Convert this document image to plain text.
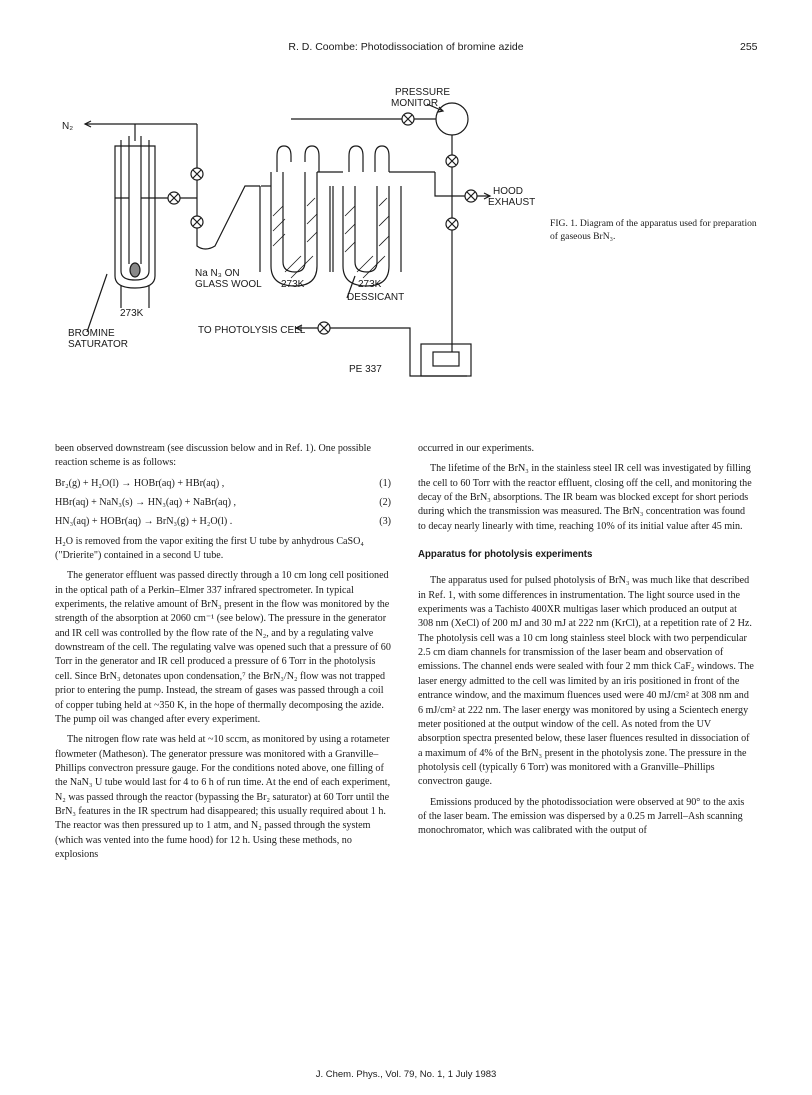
R. D. Coombe: Photodissociation of bromine azide	255
PRESSURE
MONITOR
N₂
273K
BROMINE
SATURATOR
Na N₃ ON
GLASS WOOL 273K	273K
DESSICANT
HOOD
EXHAUST
TO PHOTOLYSIS CELL
PE 337
FIG. 1. Diagram of the apparatus used for preparation of gaseous BrN₃.

been observed downstream (see discussion below and in Ref. 1). One possible reaction scheme is as follows:

Br₂(g) + H₂O(l) → HOBr(aq) + HBr(aq) ,	(1)
HBr(aq) + NaN₃(s) → HN₃(aq) + NaBr(aq) ,	(2)
HN₃(aq) + HOBr(aq) → BrN₃(g) + H₂O(l) .	(3)

H₂O is removed from the vapor exiting the first U tube by anhydrous CaSO₄ ("Drierite") contained in a second U tube.

The generator effluent was passed directly through a 10 cm long cell positioned in the optical path of a Perkin–Elmer 337 infrared spectrometer. In typical experiments, the relative amount of BrN₃ present in the flow was monitored by the strength of the absorption at 2060 cm⁻¹ (see below). The pressure in the generator and IR cell was controlled by the flow rate of the N₂, and by a regulating valve downstream of the cell. The regulating valve was opened such that a pressure of 60 Torr in the generator and IR cell produced a pressure of 6 Torr in the photolysis cell. Since BrN₃ detonates upon condensation,⁷ the BrN₃/N₂ flow was not trapped prior to entering the pump. Instead, the stream of gases was passed through a coil of copper tubing held at ~350 K, in the hope of thermally decomposing the azide. The pump oil was changed after every experiment.

The nitrogen flow rate was held at ~10 sccm, as monitored by using a rotameter flowmeter (Matheson). The generator pressure was monitored with a Granville–Phillips convectron pressure gauge. For the conditions noted above, one filling of the NaN₃ U tube would last for 4 to 6 h of run time. At the end of each experiment, N₂ was passed through the reactor (bypassing the Br₂ saturator) at 60 Torr until the BrN₃ features in the IR spectrum had disappeared; this usually required about 1 h. The reactor was then pressured up to 1 atm, and N₂ passed through the system (which was vented into the fume hood) for 12 h. Using these methods, no explosions

occurred in our experiments.

The lifetime of the BrN₃ in the stainless steel IR cell was investigated by filling the cell to 60 Torr with the reactor effluent, closing off the cell, and monitoring the decay of the BrN₃ absorptions. The IR beam was blocked except for short periods during which the transmission was measured. The BrN₃ concentration was found to decay nearly linearly with time, reaching 10% of its initial value after 45 min.

Apparatus for photolysis experiments

The apparatus used for pulsed photolysis of BrN₃ was much like that described in Ref. 1, with some differences in instrumentation. The light source used in the experiments was a Tachisto 400XR multigas laser which produced an output at 308 nm (XeCl) of 200 mJ and 30 mJ at 222 nm (KrCl), at a repetition rate of 2 Hz. The photolysis cell was a 10 cm long stainless steel block with two perpendicular 2.5 cm diam channels for transmission of the laser beam and observation of emissions. The channel ends were sealed with four 2 mm thick CaF₂ windows. The laser energy admitted to the cell was limited by an iris positioned in front of the entrance window, and the maximum fluences used were 40 mJ/cm² at 308 nm and 6 mJ/cm² at 222 nm. The laser energy was monitored by using a Scientech energy meter positioned at the output window of the cell. As noted from the UV absorption spectra presented below, these laser fluences resulted in dissociation of a maximum of 4% of the BrN₃ present in the photolysis zone. The pressure in the photolysis cell (typically 6 Torr) was monitored with a Granville–Phillips convectron gauge.

Emissions produced by the photodissociation were observed at 90° to the axis of the laser beam. The emission was dispersed by a 0.25 m Jarrell–Ash scanning monochromator, which was calibrated with the output of

J. Chem. Phys., Vol. 79, No. 1, 1 July 1983
